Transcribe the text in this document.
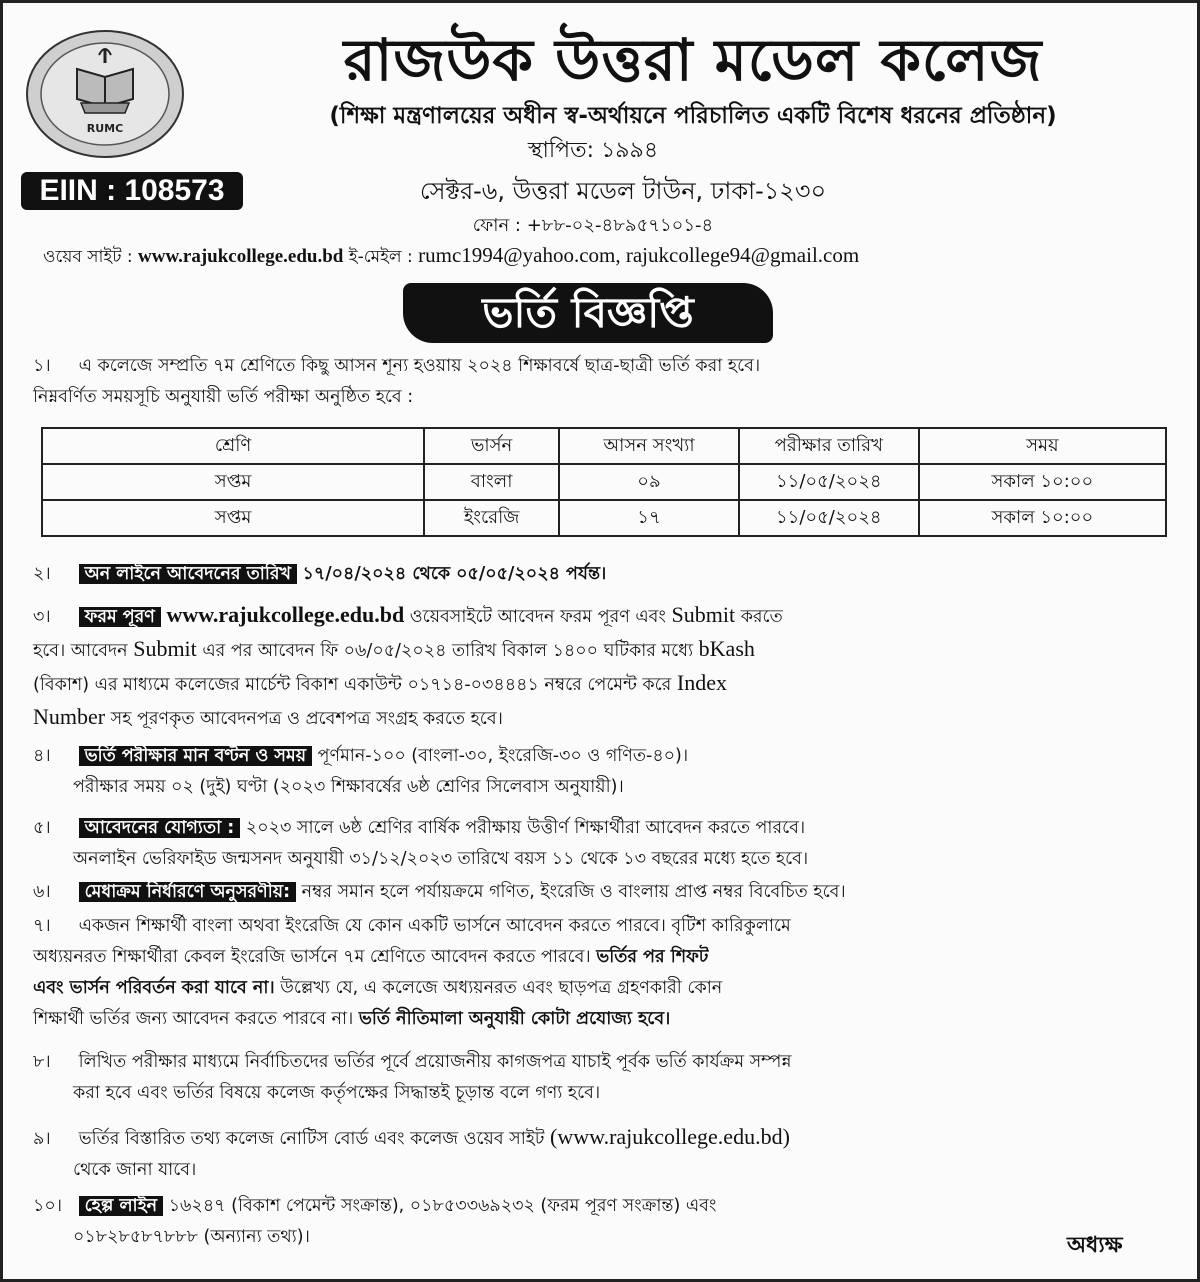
RUMC
রাজউক উত্তরা মডেল কলেজ
(শিক্ষা মন্ত্রণালয়ের অধীন স্ব-অর্থায়নে পরিচালিত একটি বিশেষ ধরনের প্রতিষ্ঠান)
স্থাপিত: ১৯৯৪
EIIN : 108573	সেক্টর-৬, উত্তরা মডেল টাউন, ঢাকা-১২৩০
ফোন : +৮৮-০২-৪৮৯৫৭১০১-৪
ওয়েব সাইট : www.rajukcollege.edu.bd ই-মেইল : rumc1994@yahoo.com, rajukcollege94@gmail.com
ভর্তি বিজ্ঞপ্তি
১। এ কলেজে সম্প্রতি ৭ম শ্রেণিতে কিছু আসন শূন্য হওয়ায় ২০২৪ শিক্ষাবর্ষে ছাত্র-ছাত্রী ভর্তি করা হবে।
নিম্নবর্ণিত সময়সূচি অনুযায়ী ভর্তি পরীক্ষা অনুষ্ঠিত হবে :
শ্রেণি	ভার্সন	আসন সংখ্যা	পরীক্ষার তারিখ	সময়
সপ্তম	বাংলা	০৯	১১/০৫/২০২৪	সকাল ১০:০০
সপ্তম	ইংরেজি	১৭	১১/০৫/২০২৪	সকাল ১০:০০
২। অন লাইনে আবেদনের তারিখ ১৭/০৪/২০২৪ থেকে ০৫/০৫/২০২৪ পর্যন্ত।
৩। ফরম পূরণ www.rajukcollege.edu.bd ওয়েবসাইটে আবেদন ফরম পূরণ এবং Submit করতে
হবে। আবেদন Submit এর পর আবেদন ফি ০৬/০৫/২০২৪ তারিখ বিকাল ১৪০০ ঘটিকার মধ্যে bKash
(বিকাশ) এর মাধ্যমে কলেজের মার্চেন্ট বিকাশ একাউন্ট ০১৭১৪-০৩৪৪৪১ নম্বরে পেমেন্ট করে Index
Number সহ পূরণকৃত আবেদনপত্র ও প্রবেশপত্র সংগ্রহ করতে হবে।
৪। ভর্তি পরীক্ষার মান বণ্টন ও সময় পূর্ণমান-১০০ (বাংলা-৩০, ইংরেজি-৩০ ও গণিত-৪০)।
পরীক্ষার সময় ০২ (দুই) ঘণ্টা (২০২৩ শিক্ষাবর্ষের ৬ষ্ঠ শ্রেণির সিলেবাস অনুযায়ী)।
৫। আবেদনের যোগ্যতা : ২০২৩ সালে ৬ষ্ঠ শ্রেণির বার্ষিক পরীক্ষায় উত্তীর্ণ শিক্ষার্থীরা আবেদন করতে পারবে।
অনলাইন ভেরিফাইড জন্মসনদ অনুযায়ী ৩১/১২/২০২৩ তারিখে বয়স ১১ থেকে ১৩ বছরের মধ্যে হতে হবে।
৬। মেধাক্রম নির্ধারণে অনুসরণীয়: নম্বর সমান হলে পর্যায়ক্রমে গণিত, ইংরেজি ও বাংলায় প্রাপ্ত নম্বর বিবেচিত হবে।
৭। একজন শিক্ষার্থী বাংলা অথবা ইংরেজি যে কোন একটি ভার্সনে আবেদন করতে পারবে। বৃটিশ কারিকুলামে
অধ্যয়নরত শিক্ষার্থীরা কেবল ইংরেজি ভার্সনে ৭ম শ্রেণিতে আবেদন করতে পারবে। ভর্তির পর শিফট
এবং ভার্সন পরিবর্তন করা যাবে না। উল্লেখ্য যে, এ কলেজে অধ্যয়নরত এবং ছাড়পত্র গ্রহণকারী কোন
শিক্ষার্থী ভর্তির জন্য আবেদন করতে পারবে না। ভর্তি নীতিমালা অনুযায়ী কোটা প্রযোজ্য হবে।
৮। লিখিত পরীক্ষার মাধ্যমে নির্বাচিতদের ভর্তির পূর্বে প্রয়োজনীয় কাগজপত্র যাচাই পূর্বক ভর্তি কার্যক্রম সম্পন্ন
করা হবে এবং ভর্তির বিষয়ে কলেজ কর্তৃপক্ষের সিদ্ধান্তই চূড়ান্ত বলে গণ্য হবে।
৯। ভর্তির বিস্তারিত তথ্য কলেজ নোটিস বোর্ড এবং কলেজ ওয়েব সাইট (www.rajukcollege.edu.bd)
থেকে জানা যাবে।
১০। হেল্প লাইন ১৬২৪৭ (বিকাশ পেমেন্ট সংক্রান্ত), ০১৮৫৩৩৬৯২৩২ (ফরম পূরণ সংক্রান্ত) এবং
০১৮২৮৫৮৭৮৮৮ (অন্যান্য তথ্য)।	অধ্যক্ষ
